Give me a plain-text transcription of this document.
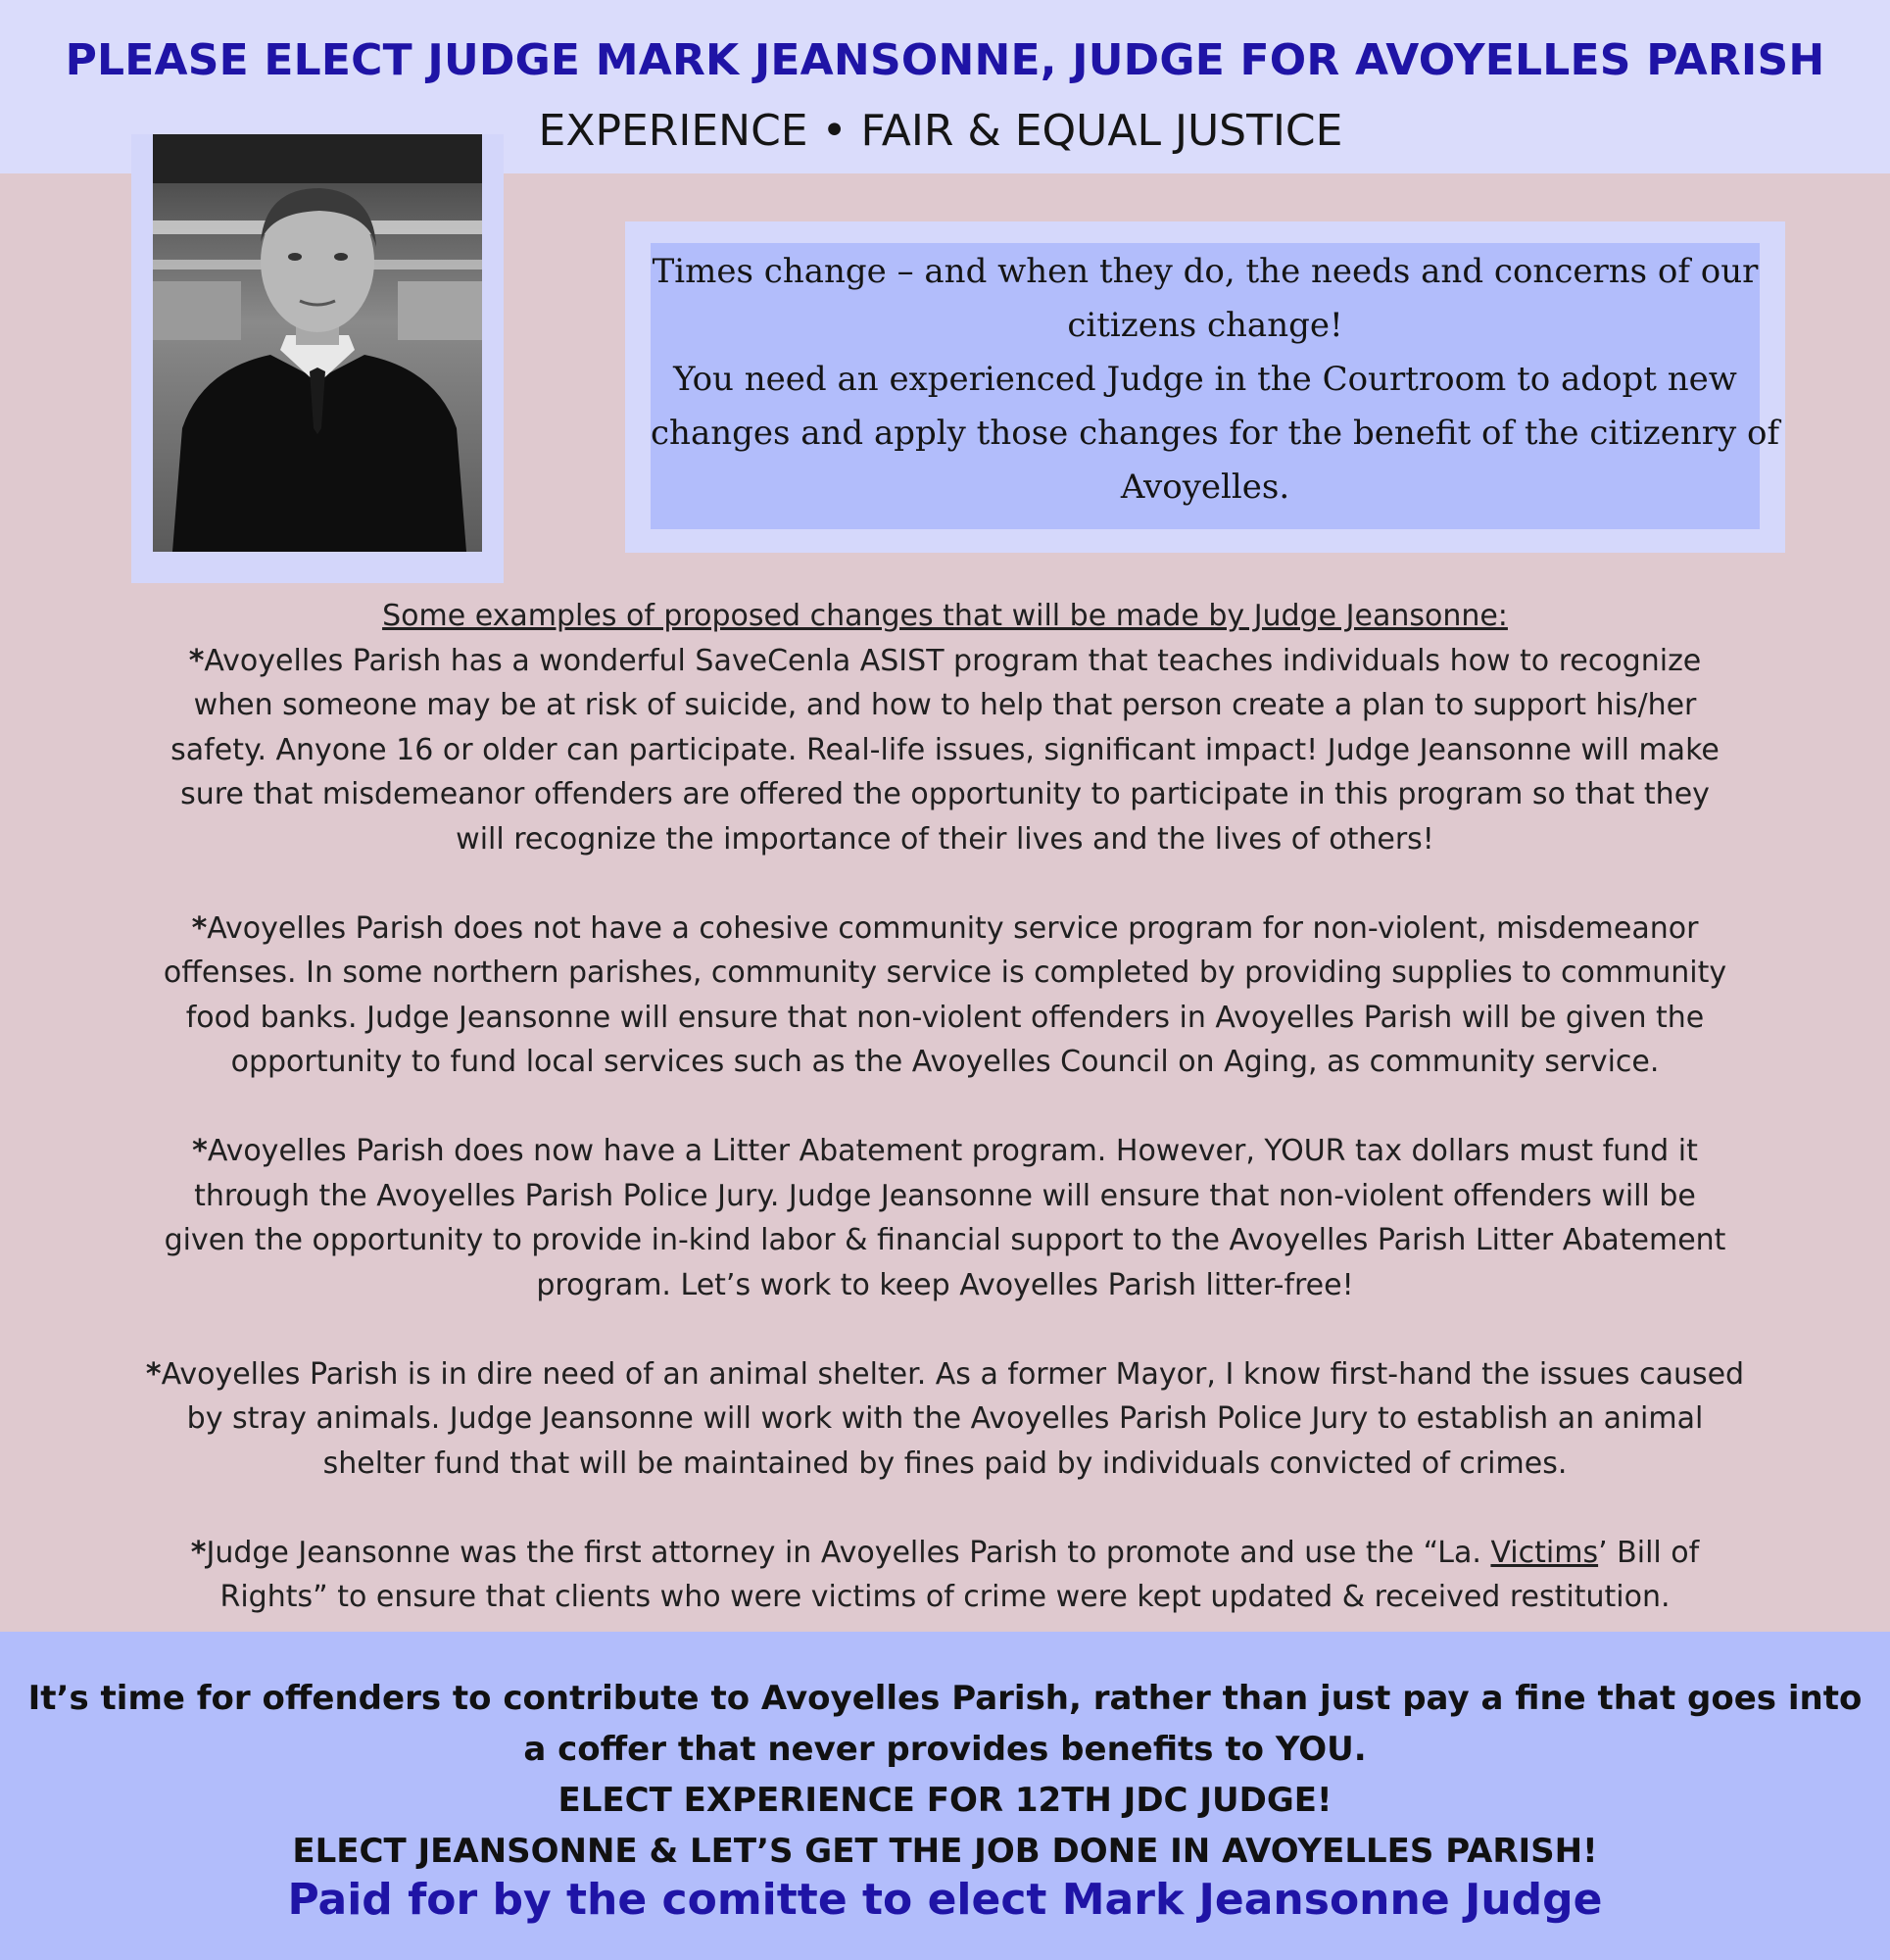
PLEASE ELECT JUDGE MARK JEANSONNE, JUDGE FOR AVOYELLES PARISH
EXPERIENCE • FAIR & EQUAL JUSTICE
Times change – and when they do, the needs and concerns of our
citizens change!
You need an experienced Judge in the Courtroom to adopt new
changes and apply those changes for the benefit of the citizenry of
Avoyelles.
Some examples of proposed changes that will be made by Judge Jeansonne:
*Avoyelles Parish has a wonderful SaveCenla ASIST program that teaches individuals how to recognize
when someone may be at risk of suicide, and how to help that person create a plan to support his/her
safety. Anyone 16 or older can participate. Real-life issues, significant impact! Judge Jeansonne will make
sure that misdemeanor offenders are offered the opportunity to participate in this program so that they
will recognize the importance of their lives and the lives of others!
*Avoyelles Parish does not have a cohesive community service program for non-violent, misdemeanor
offenses. In some northern parishes, community service is completed by providing supplies to community
food banks. Judge Jeansonne will ensure that non-violent offenders in Avoyelles Parish will be given the
opportunity to fund local services such as the Avoyelles Council on Aging, as community service.
*Avoyelles Parish does now have a Litter Abatement program. However, YOUR tax dollars must fund it
through the Avoyelles Parish Police Jury. Judge Jeansonne will ensure that non-violent offenders will be
given the opportunity to provide in-kind labor & financial support to the Avoyelles Parish Litter Abatement
program. Let’s work to keep Avoyelles Parish litter-free!
*Avoyelles Parish is in dire need of an animal shelter. As a former Mayor, I know first-hand the issues caused
by stray animals. Judge Jeansonne will work with the Avoyelles Parish Police Jury to establish an animal
shelter fund that will be maintained by fines paid by individuals convicted of crimes.
*Judge Jeansonne was the first attorney in Avoyelles Parish to promote and use the “La. Victims’ Bill of
Rights” to ensure that clients who were victims of crime were kept updated & received restitution.
It’s time for offenders to contribute to Avoyelles Parish, rather than just pay a fine that goes into
a coffer that never provides benefits to YOU.
ELECT EXPERIENCE FOR 12TH JDC JUDGE!
ELECT JEANSONNE & LET’S GET THE JOB DONE IN AVOYELLES PARISH!
Paid for by the comitte to elect Mark Jeansonne Judge
